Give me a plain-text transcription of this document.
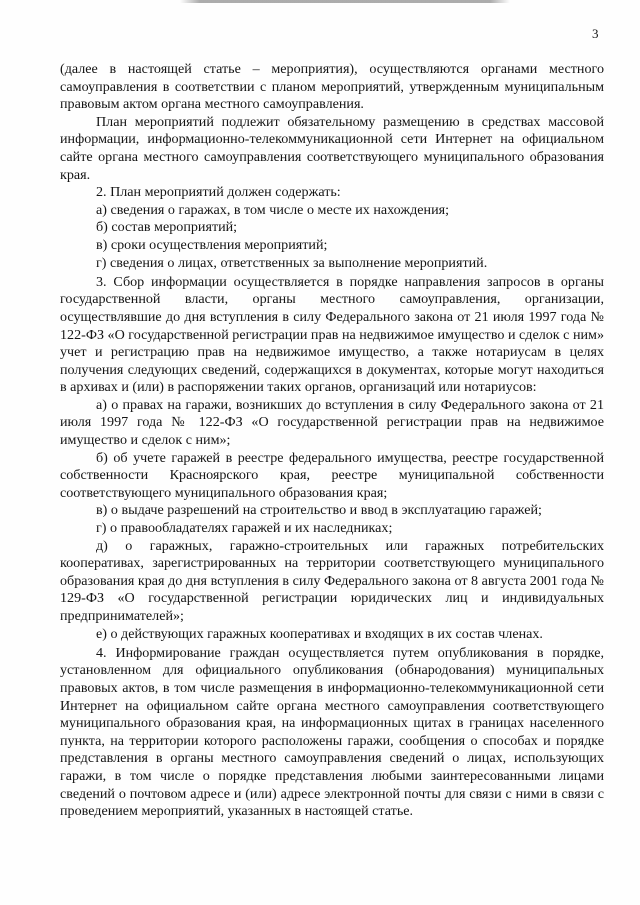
3

(далее в настоящей статье – мероприятия), осуществляются органами местного самоуправления в соответствии с планом мероприятий, утвержденным муниципальным правовым актом органа местного самоуправления.

План мероприятий подлежит обязательному размещению в средствах массовой информации, информационно-телекоммуникационной сети Интернет на официальном сайте органа местного самоуправления соответствующего муниципального образования края.

2. План мероприятий должен содержать:

а) сведения о гаражах, в том числе о месте их нахождения;

б) состав мероприятий;

в) сроки осуществления мероприятий;

г) сведения о лицах, ответственных за выполнение мероприятий.

3. Сбор информации осуществляется в порядке направления запросов в органы государственной власти, органы местного самоуправления, организации, осуществлявшие до дня вступления в силу Федерального закона от 21 июля 1997 года № 122-ФЗ «О государственной регистрации прав на недвижимое имущество и сделок с ним» учет и регистрацию прав на недвижимое имущество, а также нотариусам в целях получения следующих сведений, содержащихся в документах, которые могут находиться в архивах и (или) в распоряжении таких органов, организаций или нотариусов:

а) о правах на гаражи, возникших до вступления в силу Федерального закона от 21 июля 1997 года № 122-ФЗ «О государственной регистрации прав на недвижимое имущество и сделок с ним»;

б) об учете гаражей в реестре федерального имущества, реестре государственной собственности Красноярского края, реестре муниципальной собственности соответствующего муниципального образования края;

в) о выдаче разрешений на строительство и ввод в эксплуатацию гаражей;

г) о правообладателях гаражей и их наследниках;

д) о гаражных, гаражно-строительных или гаражных потребительских кооперативах, зарегистрированных на территории соответствующего муниципального образования края до дня вступления в силу Федерального закона от 8 августа 2001 года № 129-ФЗ «О государственной регистрации юридических лиц и индивидуальных предпринимателей»;

е) о действующих гаражных кооперативах и входящих в их состав членах.

4. Информирование граждан осуществляется путем опубликования в порядке, установленном для официального опубликования (обнародования) муниципальных правовых актов, в том числе размещения в информационно-телекоммуникационной сети Интернет на официальном сайте органа местного самоуправления соответствующего муниципального образования края, на информационных щитах в границах населенного пункта, на территории которого расположены гаражи, сообщения о способах и порядке представления в органы местного самоуправления сведений о лицах, использующих гаражи, в том числе о порядке представления любыми заинтересованными лицами сведений о почтовом адресе и (или) адресе электронной почты для связи с ними в связи с проведением мероприятий, указанных в настоящей статье.
